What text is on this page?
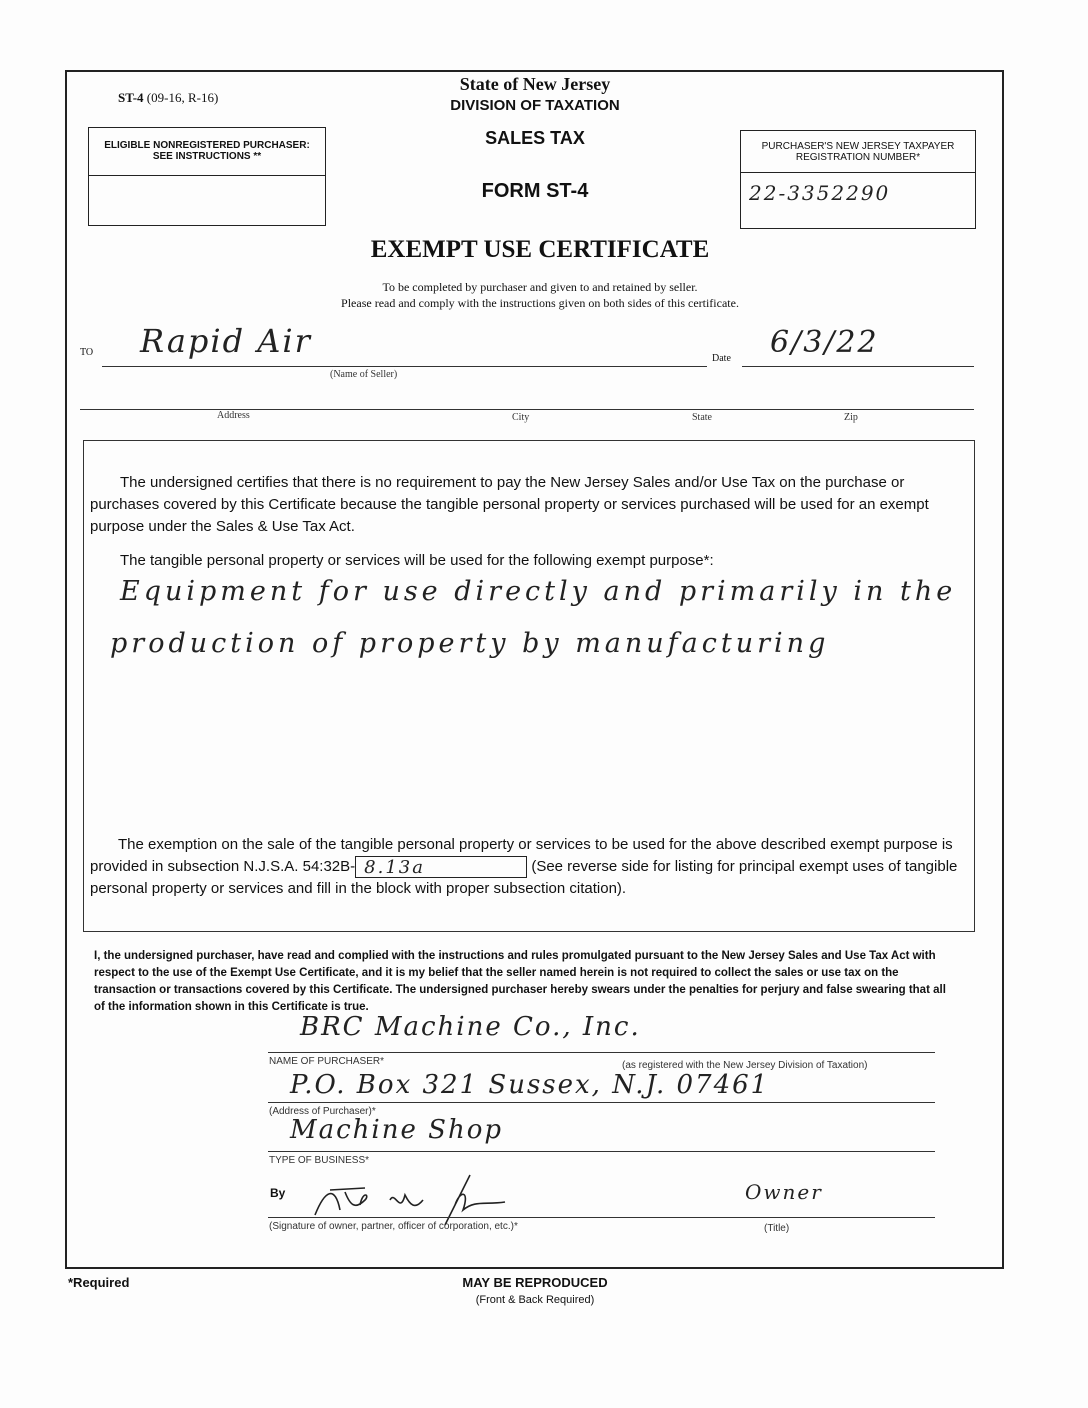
ST-4 (09-16, R-16)
State of New Jersey
DIVISION OF TAXATION
SALES TAX
FORM ST-4
ELIGIBLE NONREGISTERED PURCHASER: SEE INSTRUCTIONS **
PURCHASER'S NEW JERSEY TAXPAYER REGISTRATION NUMBER*
22-3352290
EXEMPT USE CERTIFICATE
To be completed by purchaser and given to and retained by seller.
Please read and comply with the instructions given on both sides of this certificate.
TO Rapid Air
(Name of Seller)
Date 6/3/22
Address	City	State	Zip
The undersigned certifies that there is no requirement to pay the New Jersey Sales and/or Use Tax on the purchase or purchases covered by this Certificate because the tangible personal property or services purchased will be used for an exempt purpose under the Sales & Use Tax Act.
The tangible personal property or services will be used for the following exempt purpose*:
Equipment for use directly and primarily in the
production of property by manufacturing
The exemption on the sale of the tangible personal property or services to be used for the above described exempt purpose is provided in subsection N.J.S.A. 54:32B- 8.13a	(See reverse side for listing for principal exempt uses of tangible personal property or services and fill in the block with proper subsection citation).
I, the undersigned purchaser, have read and complied with the instructions and rules promulgated pursuant to the New Jersey Sales and Use Tax Act with respect to the use of the Exempt Use Certificate, and it is my belief that the seller named herein is not required to collect the sales or use tax on the transaction or transactions covered by this Certificate. The undersigned purchaser hereby swears under the penalties for perjury and false swearing that all of the information shown in this Certificate is true.
BRC Machine Co., Inc.
NAME OF PURCHASER*	(as registered with the New Jersey Division of Taxation)
P.O. Box 321 Sussex, N.J. 07461
(Address of Purchaser)*
Machine Shop
TYPE OF BUSINESS*
By	Owner
(Signature of owner, partner, officer of corporation, etc.)*	(Title)
*Required	MAY BE REPRODUCED
(Front & Back Required)
